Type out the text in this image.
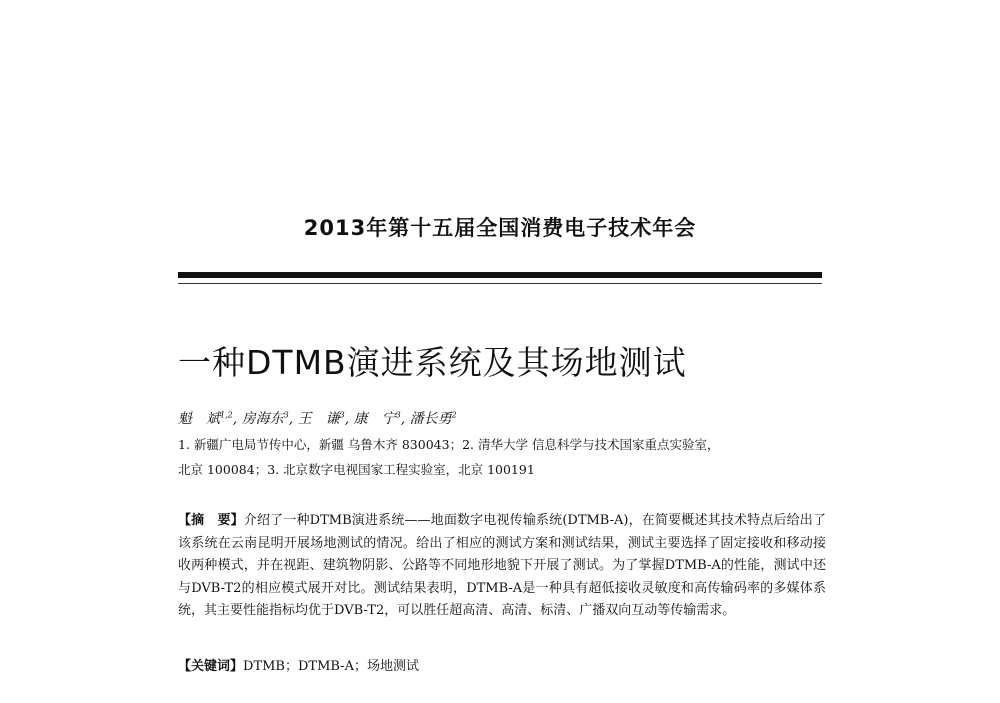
2013年第十五届全国消费电子技术年会
一种DTMB演进系统及其场地测试
魁　斌$^{1,2}$, 房海东$^3$, 王　谦$^3$, 康　宁$^3$, 潘长勇$^2$
1. 新疆广电局节传中心，新疆 乌鲁木齐 830043；2. 清华大学 信息科学与技术国家重点实验室，
北京 100084；3. 北京数字电视国家工程实验室，北京 100191
【摘　要】介绍了一种DTMB演进系统——地面数字电视传输系统(DTMB-A)，在简要概述其技术特点后给出了该系统在云南昆明开展场地测试的情况。给出了相应的测试方案和测试结果，测试主要选择了固定接收和移动接收两种模式，并在视距、建筑物阴影、公路等不同地形地貌下开展了测试。为了掌握DTMB-A的性能，测试中还与DVB-T2的相应模式展开对比。测试结果表明，DTMB-A是一种具有超低接收灵敏度和高传输码率的多媒体系统，其主要性能指标均优于DVB-T2，可以胜任超高清、高清、标清、广播双向互动等传输需求。
【关键词】DTMB；DTMB-A；场地测试
